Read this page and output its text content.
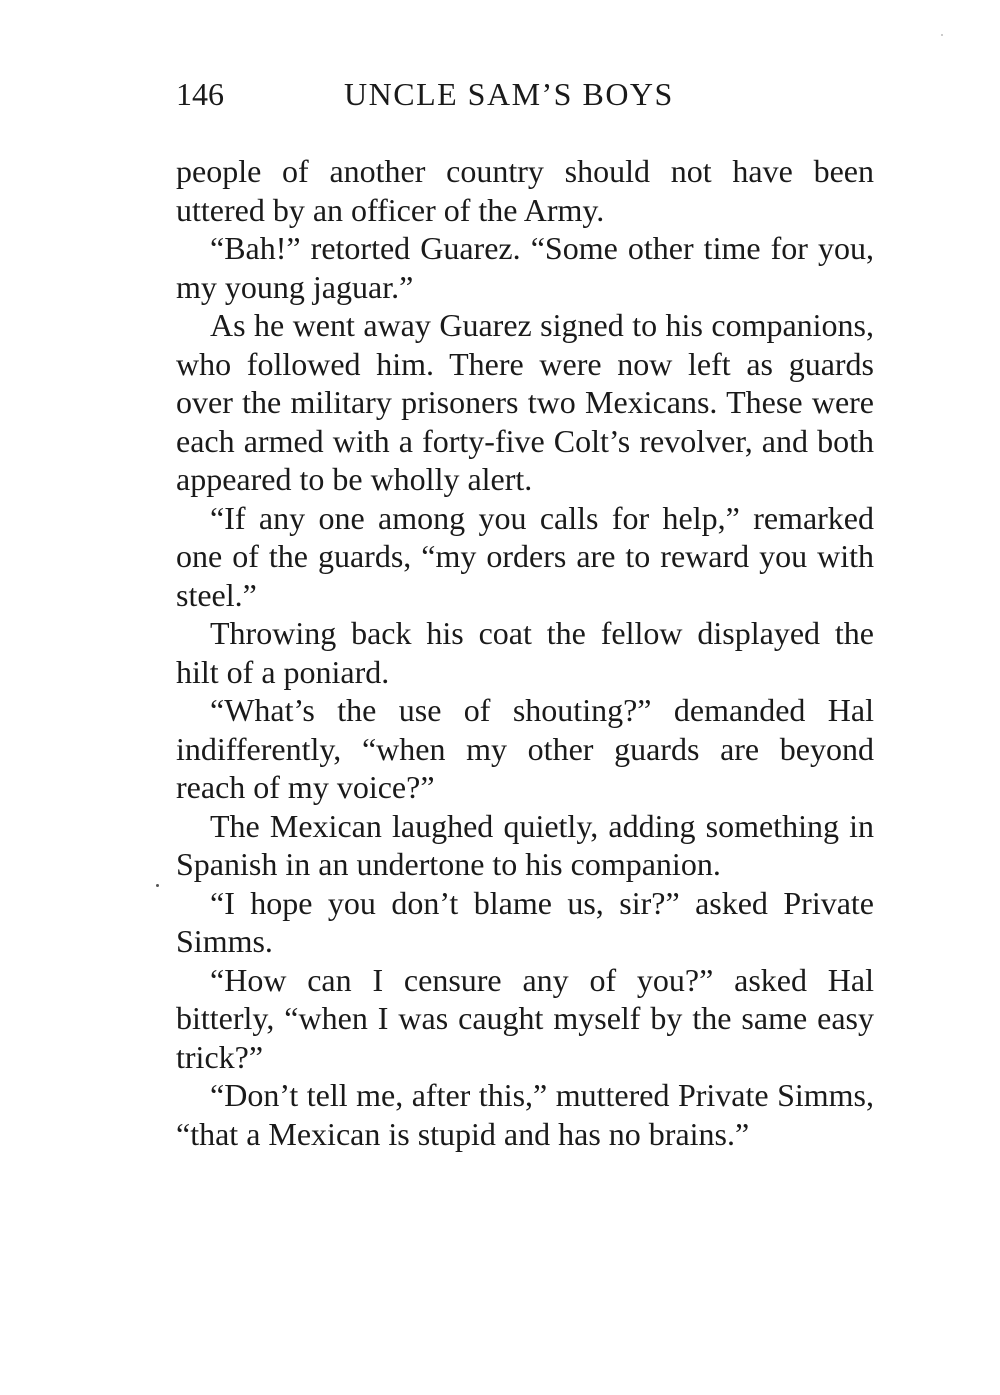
146	UNCLE SAM’S BOYS

people of another country should not have been uttered by an officer of the Army.

“Bah!” retorted Guarez. “Some other time for you, my young jaguar.”

As he went away Guarez signed to his companions, who followed him. There were now left as guards over the military prisoners two Mexicans. These were each armed with a forty-five Colt’s revolver, and both appeared to be wholly alert.

“If any one among you calls for help,” remarked one of the guards, “my orders are to reward you with steel.”

Throwing back his coat the fellow displayed the hilt of a poniard.

“What’s the use of shouting?” demanded Hal indifferently, “when my other guards are beyond reach of my voice?”

The Mexican laughed quietly, adding something in Spanish in an undertone to his companion.

“I hope you don’t blame us, sir?” asked Private Simms.

“How can I censure any of you?” asked Hal bitterly, “when I was caught myself by the same easy trick?”

“Don’t tell me, after this,” muttered Private Simms, “that a Mexican is stupid and has no brains.”
